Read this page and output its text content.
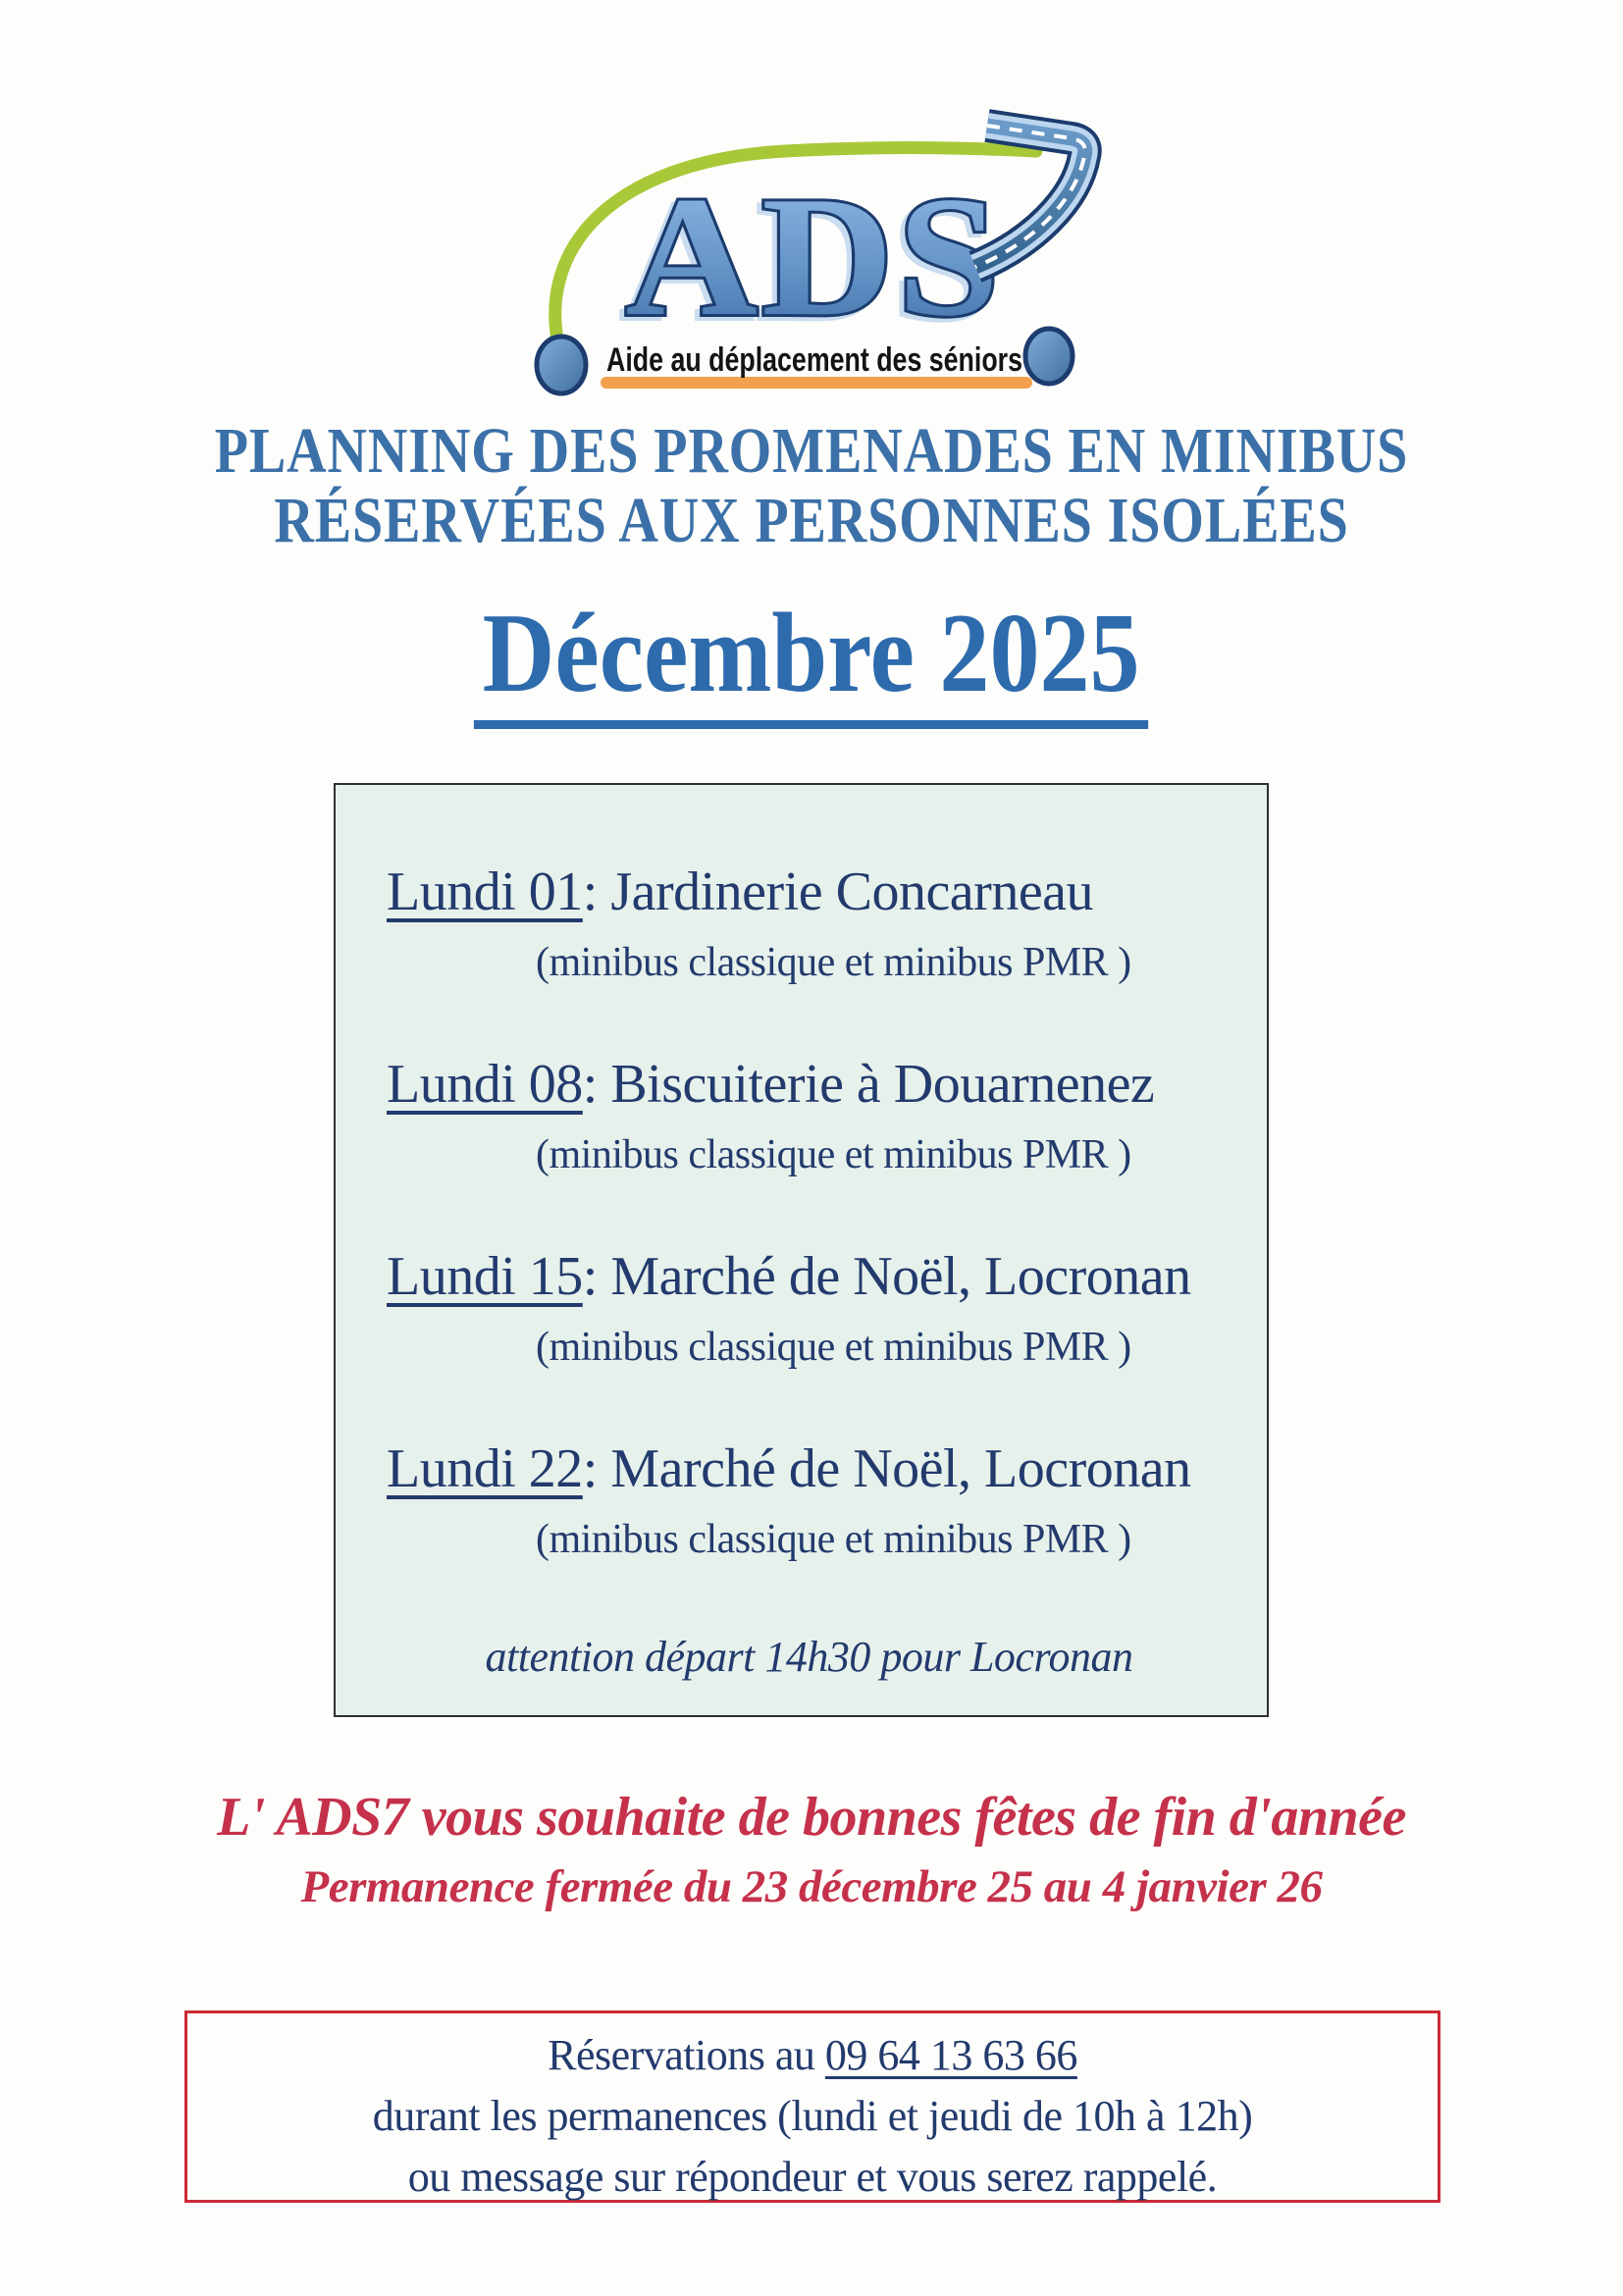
ADS
Aide au déplacement des séniors
PLANNING DES PROMENADES EN MINIBUS
RÉSERVÉES AUX PERSONNES ISOLÉES
Décembre 2025
Lundi 01: Jardinerie Concarneau
(minibus classique et minibus PMR )
Lundi 08: Biscuiterie à Douarnenez
(minibus classique et minibus PMR )
Lundi 15: Marché de Noël, Locronan
(minibus classique et minibus PMR )
Lundi 22: Marché de Noël, Locronan
(minibus classique et minibus PMR )
attention départ 14h30 pour Locronan
L' ADS7 vous souhaite de bonnes fêtes de fin d'année
Permanence fermée du 23 décembre 25 au 4 janvier 26
Réservations au 09 64 13 63 66
durant les permanences (lundi et jeudi de 10h à 12h)
ou message sur répondeur et vous serez rappelé.
